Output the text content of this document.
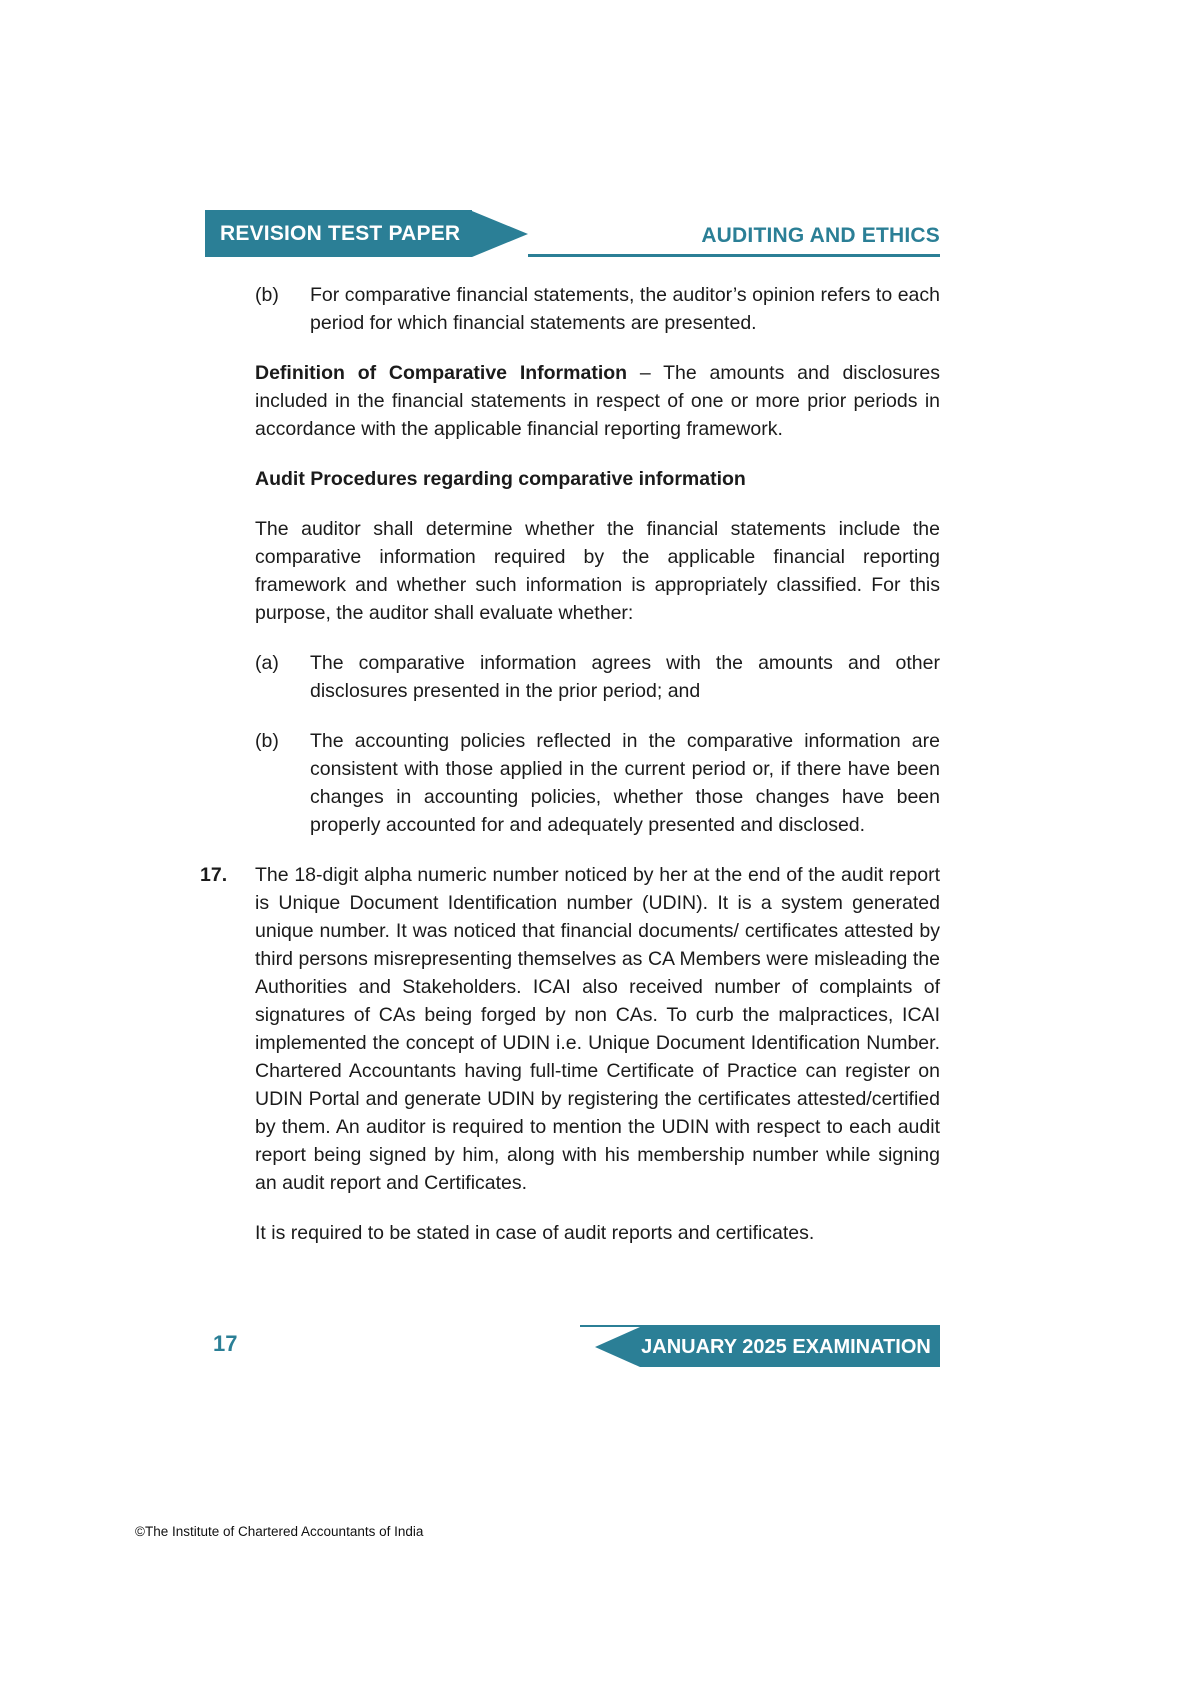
REVISION TEST PAPER	AUDITING AND ETHICS
(b)	For comparative financial statements, the auditor’s opinion refers to each period for which financial statements are presented.

Definition of Comparative Information – The amounts and disclosures included in the financial statements in respect of one or more prior periods in accordance with the applicable financial reporting framework.

Audit Procedures regarding comparative information

The auditor shall determine whether the financial statements include the comparative information required by the applicable financial reporting framework and whether such information is appropriately classified. For this purpose, the auditor shall evaluate whether:

(a)	The comparative information agrees with the amounts and other disclosures presented in the prior period; and
(b)	The accounting policies reflected in the comparative information are consistent with those applied in the current period or, if there have been changes in accounting policies, whether those changes have been properly accounted for and adequately presented and disclosed.
17.	The 18-digit alpha numeric number noticed by her at the end of the audit report is Unique Document Identification number (UDIN). It is a system generated unique number. It was noticed that financial documents/ certificates attested by third persons misrepresenting themselves as CA Members were misleading the Authorities and Stakeholders. ICAI also received number of complaints of signatures of CAs being forged by non CAs. To curb the malpractices, ICAI implemented the concept of UDIN i.e. Unique Document Identification Number. Chartered Accountants having full-time Certificate of Practice can register on UDIN Portal and generate UDIN by registering the certificates attested/certified by them. An auditor is required to mention the UDIN with respect to each audit report being signed by him, along with his membership number while signing an audit report and Certificates.

It is required to be stated in case of audit reports and certificates.

17	JANUARY 2025 EXAMINATION
©The Institute of Chartered Accountants of India
